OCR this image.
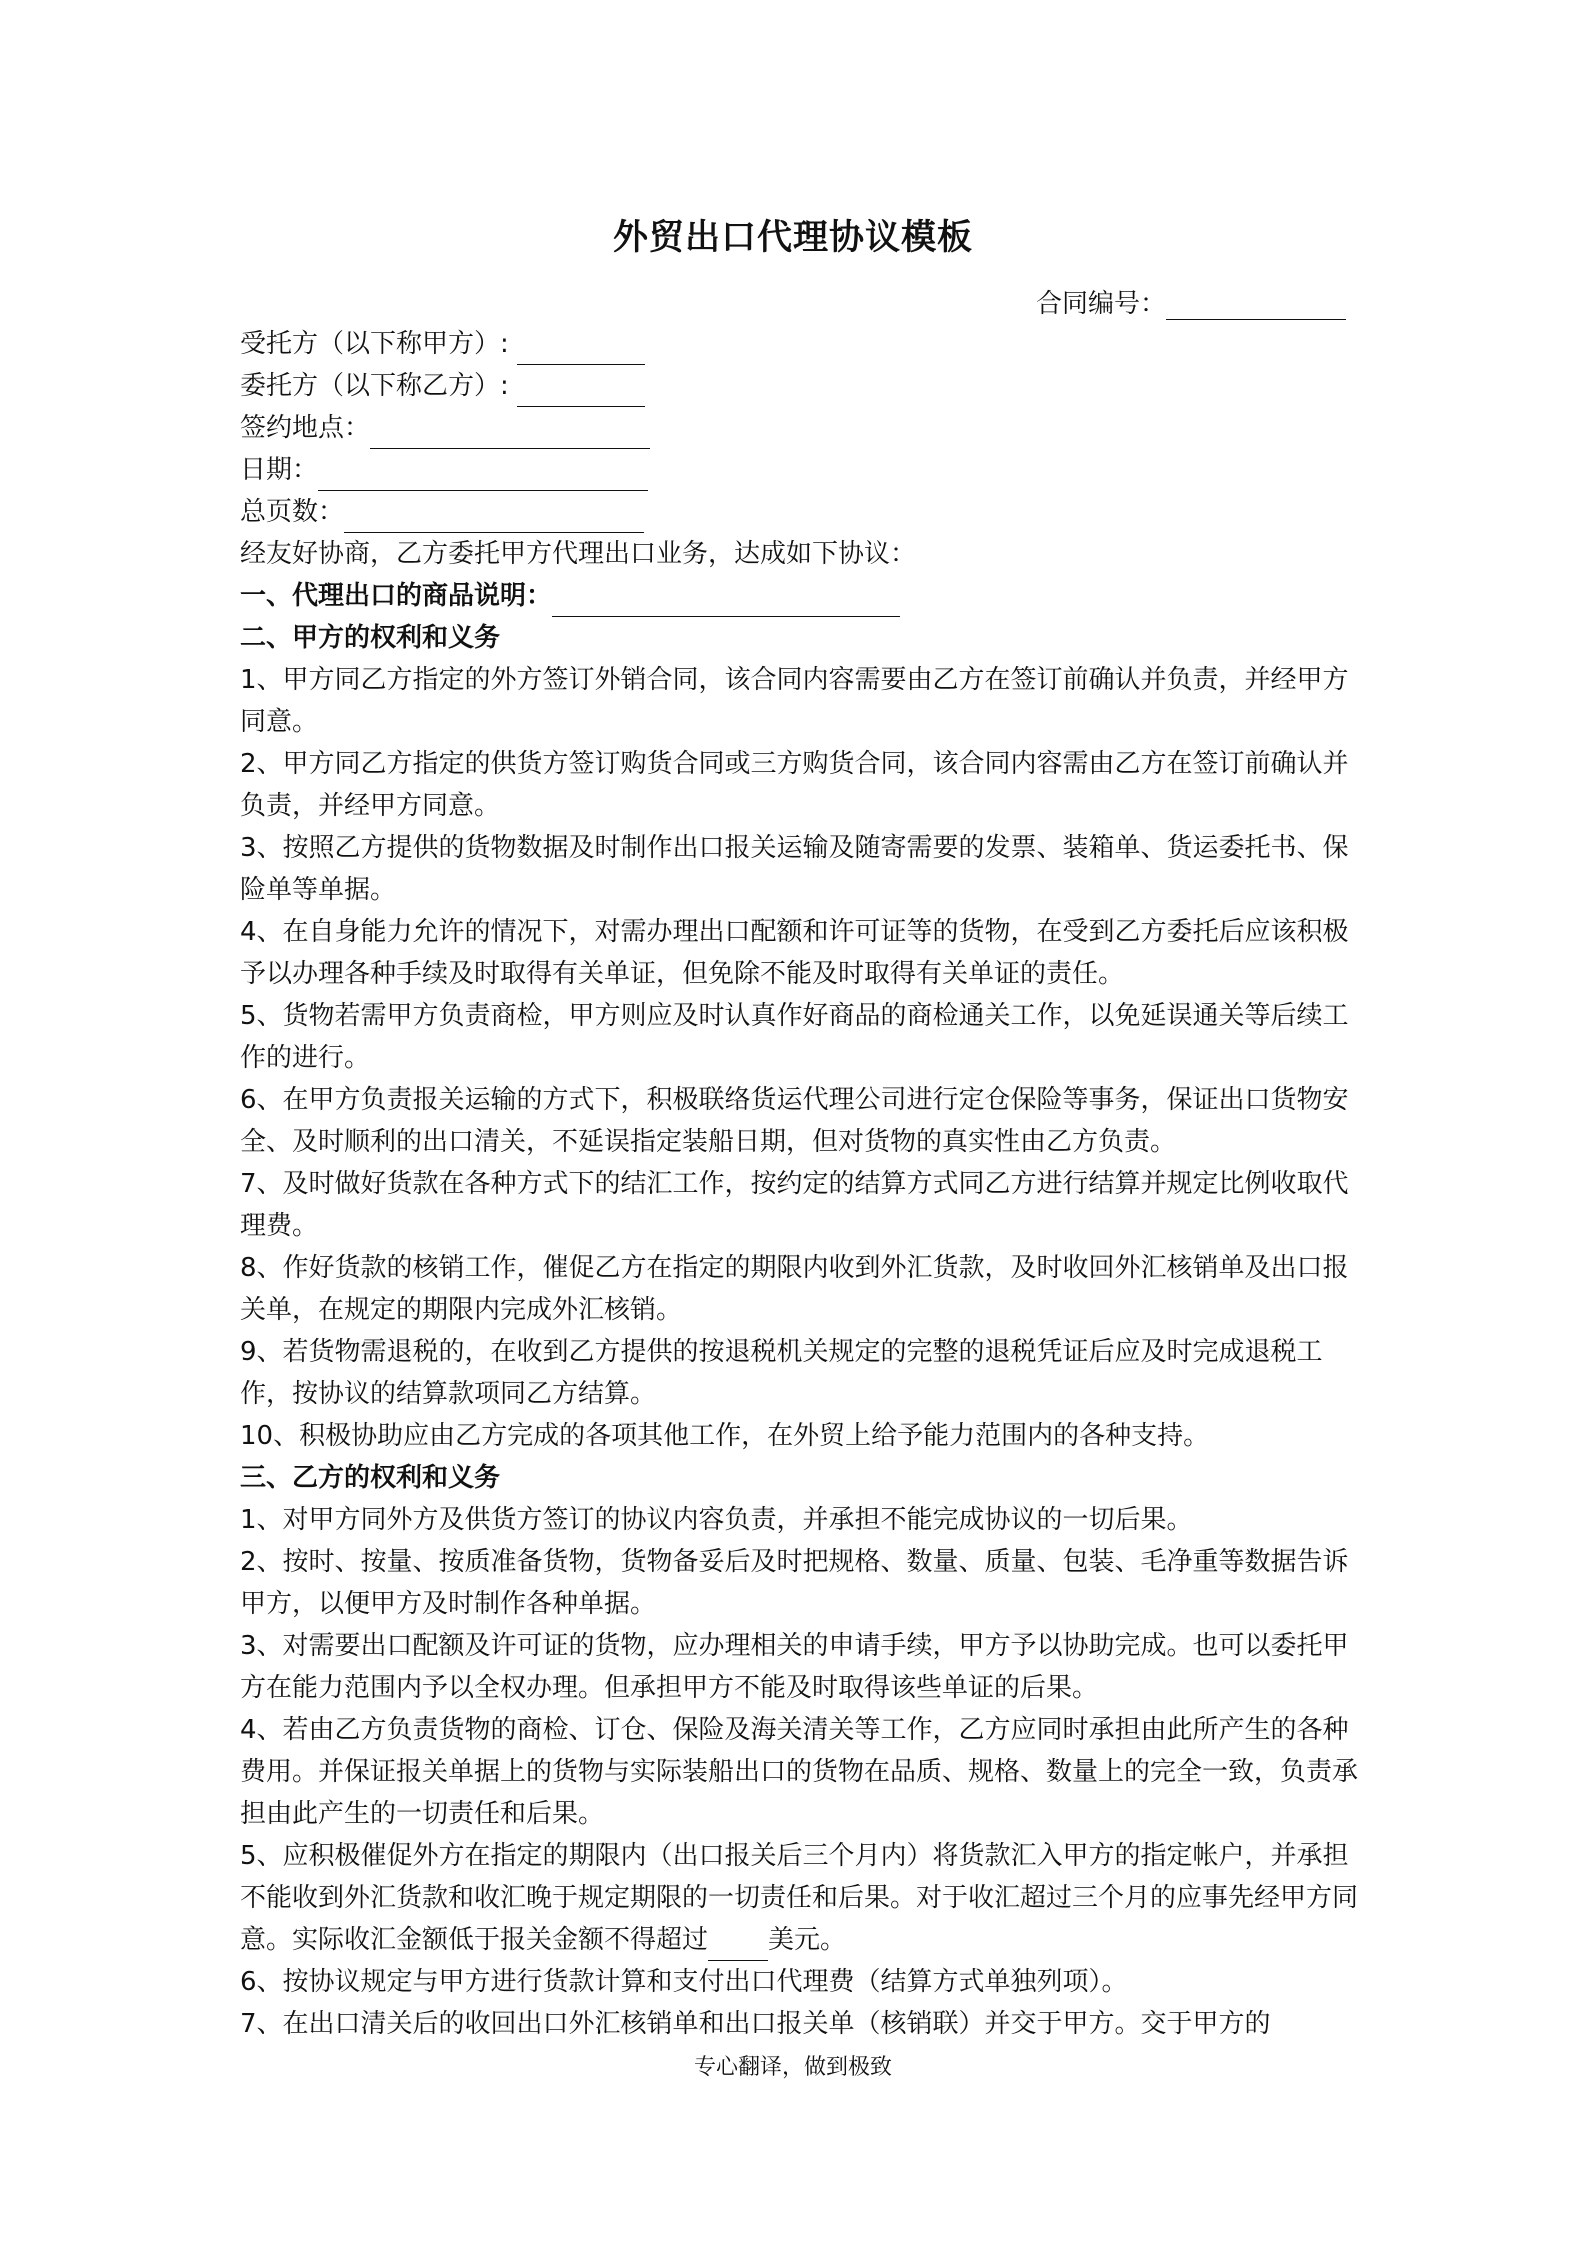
外贸出口代理协议模板
合同编号：
受托方（以下称甲方）:
委托方（以下称乙方）:
签约地点：
日期：
总页数：
经友好协商，乙方委托甲方代理出口业务，达成如下协议：
一、代理出口的商品说明：
二、甲方的权利和义务
1、甲方同乙方指定的外方签订外销合同，该合同内容需要由乙方在签订前确认并负责，并经甲方同意。
2、甲方同乙方指定的供货方签订购货合同或三方购货合同，该合同内容需由乙方在签订前确认并负责，并经甲方同意。
3、按照乙方提供的货物数据及时制作出口报关运输及随寄需要的发票、装箱单、货运委托书、保险单等单据。
4、在自身能力允许的情况下，对需办理出口配额和许可证等的货物，在受到乙方委托后应该积极予以办理各种手续及时取得有关单证，但免除不能及时取得有关单证的责任。
5、货物若需甲方负责商检，甲方则应及时认真作好商品的商检通关工作，以免延误通关等后续工作的进行。
6、在甲方负责报关运输的方式下，积极联络货运代理公司进行定仓保险等事务，保证出口货物安全、及时顺利的出口清关，不延误指定装船日期，但对货物的真实性由乙方负责。
7、及时做好货款在各种方式下的结汇工作，按约定的结算方式同乙方进行结算并规定比例收取代理费。
8、作好货款的核销工作，催促乙方在指定的期限内收到外汇货款，及时收回外汇核销单及出口报关单，在规定的期限内完成外汇核销。
9、若货物需退税的，在收到乙方提供的按退税机关规定的完整的退税凭证后应及时完成退税工作，按协议的结算款项同乙方结算。
10、积极协助应由乙方完成的各项其他工作，在外贸上给予能力范围内的各种支持。
三、乙方的权利和义务
1、对甲方同外方及供货方签订的协议内容负责，并承担不能完成协议的一切后果。
2、按时、按量、按质准备货物，货物备妥后及时把规格、数量、质量、包装、毛净重等数据告诉甲方，以便甲方及时制作各种单据。
3、对需要出口配额及许可证的货物，应办理相关的申请手续，甲方予以协助完成。也可以委托甲方在能力范围内予以全权办理。但承担甲方不能及时取得该些单证的后果。
4、若由乙方负责货物的商检、订仓、保险及海关清关等工作，乙方应同时承担由此所产生的各种费用。并保证报关单据上的货物与实际装船出口的货物在品质、规格、数量上的完全一致，负责承担由此产生的一切责任和后果。
5、应积极催促外方在指定的期限内（出口报关后三个月内）将货款汇入甲方的指定帐户，并承担不能收到外汇货款和收汇晚于规定期限的一切责任和后果。对于收汇超过三个月的应事先经甲方同意。实际收汇金额低于报关金额不得超过 美元。
6、按协议规定与甲方进行货款计算和支付出口代理费（结算方式单独列项）。
7、在出口清关后的收回出口外汇核销单和出口报关单（核销联）并交于甲方。交于甲方的
专心翻译，做到极致
